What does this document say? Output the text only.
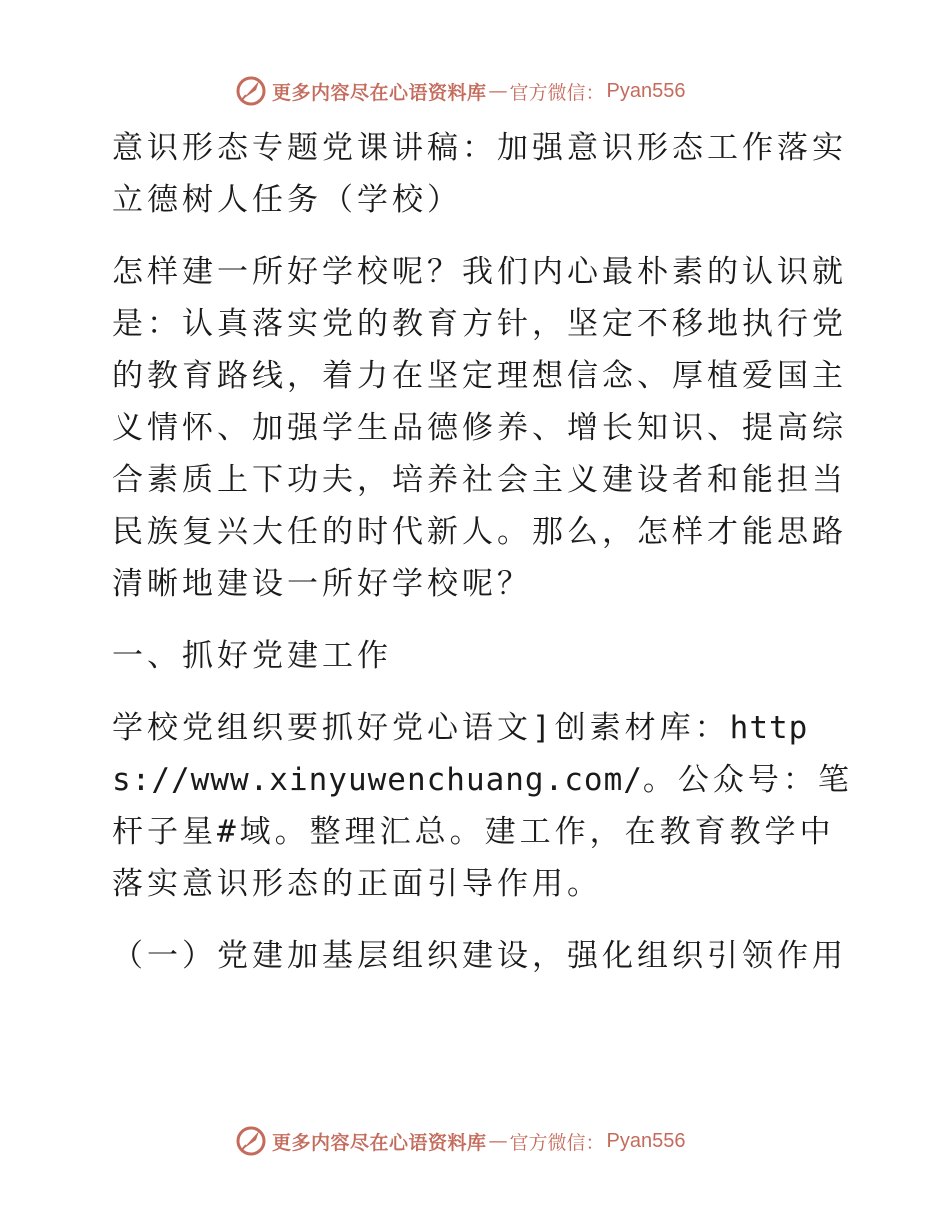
更多内容尽在心语资料库 — 官方微信： Pyan556

意识形态专题党课讲稿：加强意识形态工作落实立德树人任务（学校）

怎样建一所好学校呢？我们内心最朴素的认识就是：认真落实党的教育方针，坚定不移地执行党的教育路线，着力在坚定理想信念、厚植爱国主义情怀、加强学生品德修养、增长知识、提高综合素质上下功夫，培养社会主义建设者和能担当民族复兴大任的时代新人。那么，怎样才能思路清晰地建设一所好学校呢？

一、抓好党建工作

学校党组织要抓好党心语文]创素材库：https://www.xinyuwenchuang.com/。公众号：笔杆子星#域。整理汇总。建工作，在教育教学中落实意识形态的正面引导作用。

（一）党建加基层组织建设，强化组织引领作用

更多内容尽在心语资料库 — 官方微信： Pyan556
